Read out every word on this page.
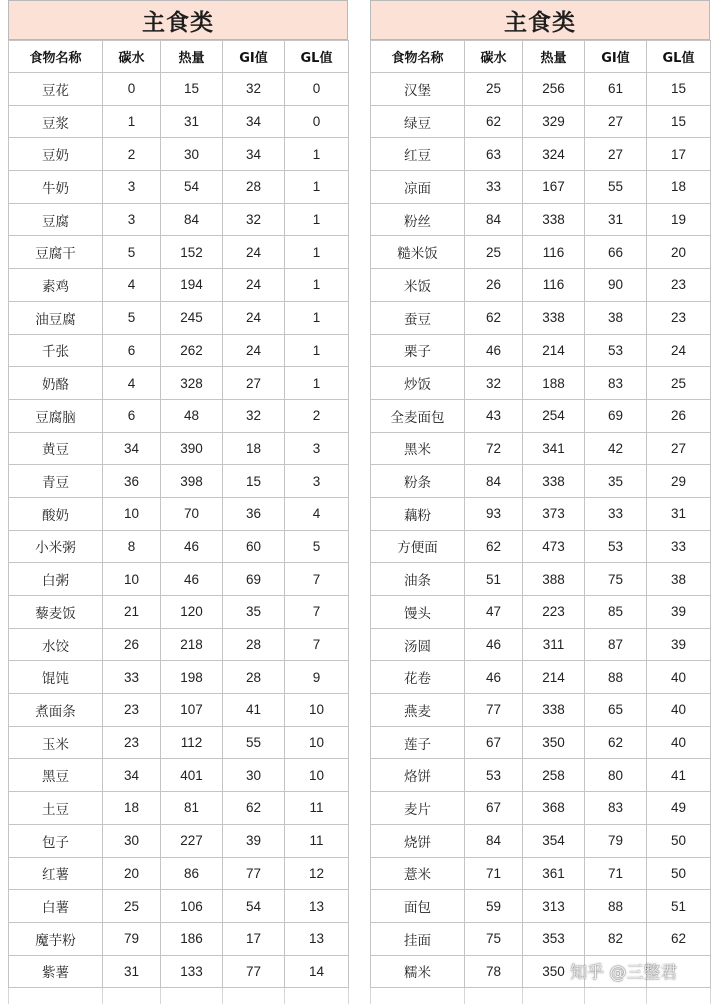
主食类
食物名称	碳水	热量	GI值	GL值
豆花	0	15	32	0
豆浆	1	31	34	0
豆奶	2	30	34	1
牛奶	3	54	28	1
豆腐	3	84	32	1
豆腐干	5	152	24	1
素鸡	4	194	24	1
油豆腐	5	245	24	1
千张	6	262	24	1
奶酪	4	328	27	1
豆腐脑	6	48	32	2
黄豆	34	390	18	3
青豆	36	398	15	3
酸奶	10	70	36	4
小米粥	8	46	60	5
白粥	10	46	69	7
藜麦饭	21	120	35	7
水饺	26	218	28	7
馄饨	33	198	28	9
煮面条	23	107	41	10
玉米	23	112	55	10
黑豆	34	401	30	10
土豆	18	81	62	11
包子	30	227	39	11
红薯	20	86	77	12
白薯	25	106	54	13
魔芋粉	79	186	17	13
紫薯	31	133	77	14
主食类
食物名称	碳水	热量	GI值	GL值
汉堡	25	256	61	15
绿豆	62	329	27	15
红豆	63	324	27	17
凉面	33	167	55	18
粉丝	84	338	31	19
糙米饭	25	116	66	20
米饭	26	116	90	23
蚕豆	62	338	38	23
栗子	46	214	53	24
炒饭	32	188	83	25
全麦面包	43	254	69	26
黑米	72	341	42	27
粉条	84	338	35	29
藕粉	93	373	33	31
方便面	62	473	53	33
油条	51	388	75	38
馒头	47	223	85	39
汤圆	46	311	87	39
花卷	46	214	88	40
燕麦	77	338	65	40
莲子	67	350	62	40
烙饼	53	258	80	41
麦片	67	368	83	49
烧饼	84	354	79	50
薏米	71	361	71	50
面包	59	313	88	51
挂面	75	353	82	62
糯米	78	350		知乎 @三整君
